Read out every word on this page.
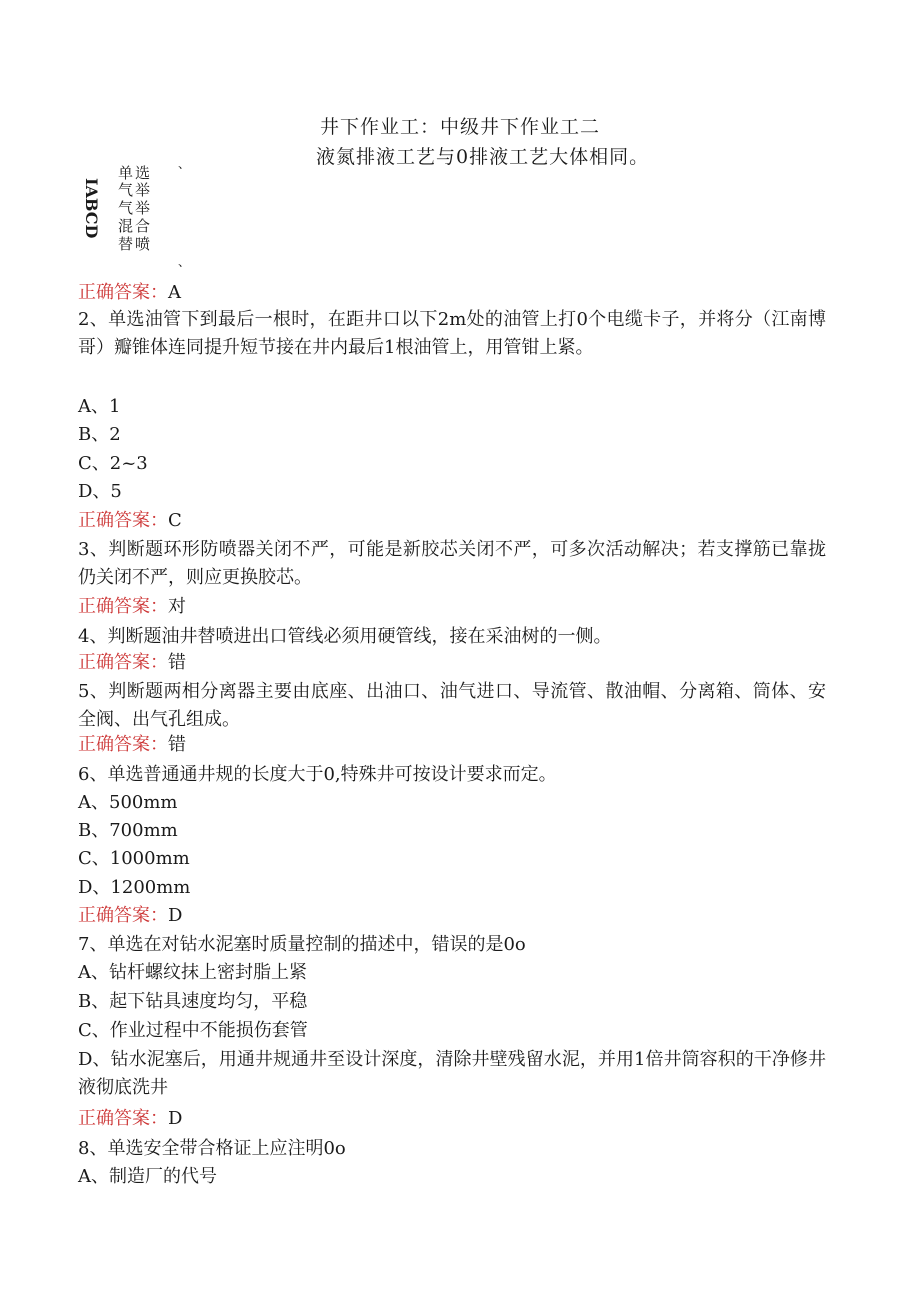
井下作业工：中级井下作业工二
液氮排液工艺与0排液工艺大体相同。
、
IABCD
单选
气举
气举
混合
替喷
、
正确答案：A
2、单选油管下到最后一根时，在距井口以下2m处的油管上打0个电缆卡子，并将分（江南博哥）瓣锥体连同提升短节接在井内最后1根油管上，用管钳上紧。
A、1
B、2
C、2~3
D、5
正确答案：C
3、判断题环形防喷器关闭不严，可能是新胶芯关闭不严，可多次活动解决；若支撑筋已靠拢仍关闭不严，则应更换胶芯。
正确答案：对
4、判断题油井替喷进出口管线必须用硬管线，接在采油树的一侧。
正确答案：错
5、判断题两相分离器主要由底座、出油口、油气进口、导流管、散油帽、分离箱、筒体、安全阀、出气孔组成。
正确答案：错
6、单选普通通井规的长度大于0,特殊井可按设计要求而定。
A、500mm
B、700mm
C、1000mm
D、1200mm
正确答案：D
7、单选在对钻水泥塞时质量控制的描述中，错误的是0o
A、钻杆螺纹抹上密封脂上紧
B、起下钻具速度均匀，平稳
C、作业过程中不能损伤套管
D、钻水泥塞后，用通井规通井至设计深度，清除井壁残留水泥，并用1倍井筒容积的干净修井液彻底洗井
正确答案：D
8、单选安全带合格证上应注明0o
A、制造厂的代号
